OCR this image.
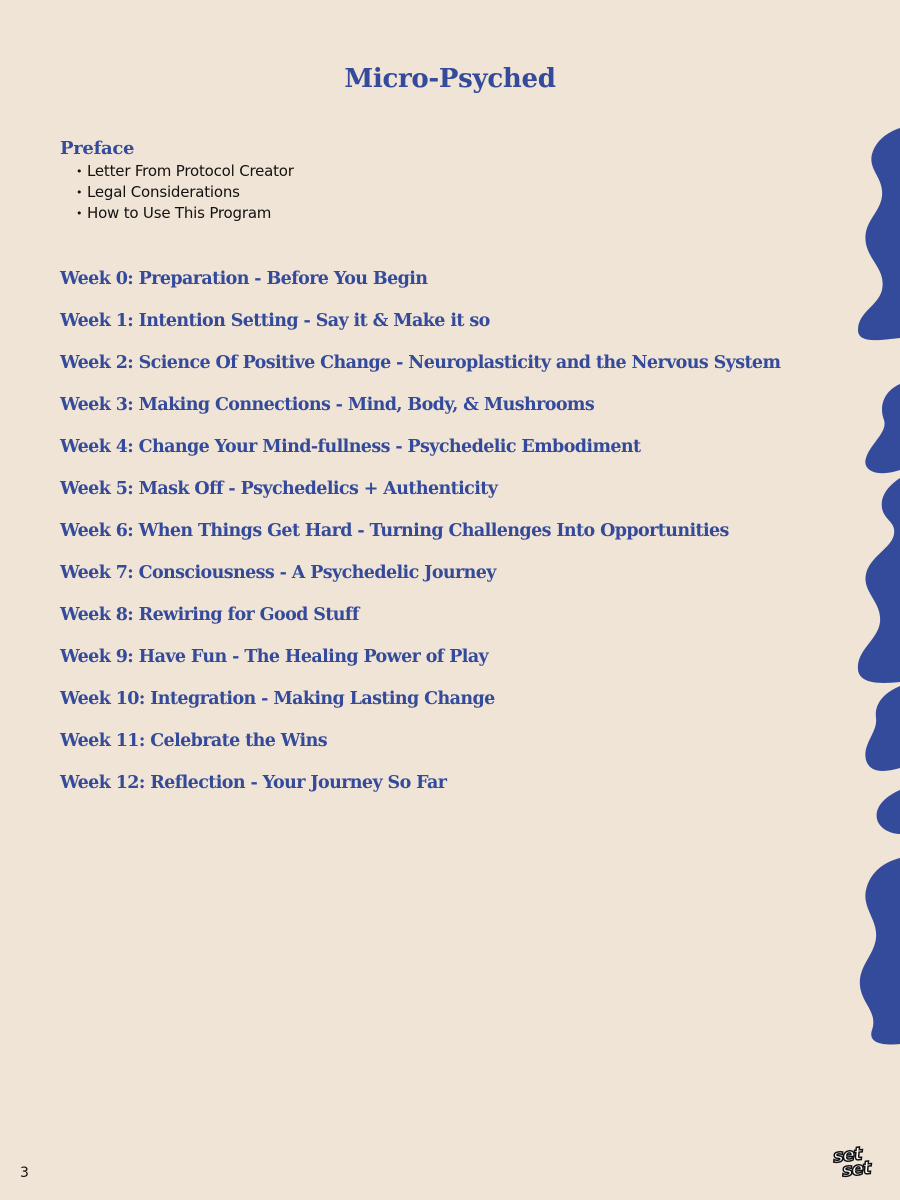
Micro-Psyched
Preface
• Letter From Protocol Creator
• Legal Considerations
• How to Use This Program
Week 0: Preparation - Before You Begin
Week 1: Intention Setting - Say it & Make it so
Week 2: Science Of Positive Change - Neuroplasticity and the Nervous System
Week 3: Making Connections - Mind, Body, & Mushrooms
Week 4: Change Your Mind-fullness - Psychedelic Embodiment
Week 5: Mask Off - Psychedelics + Authenticity
Week 6: When Things Get Hard - Turning Challenges Into Opportunities
Week 7: Consciousness - A Psychedelic Journey
Week 8: Rewiring for Good Stuff
Week 9: Have Fun - The Healing Power of Play
Week 10: Integration - Making Lasting Change
Week 11: Celebrate the Wins
Week 12: Reflection - Your Journey So Far
3
set
set
